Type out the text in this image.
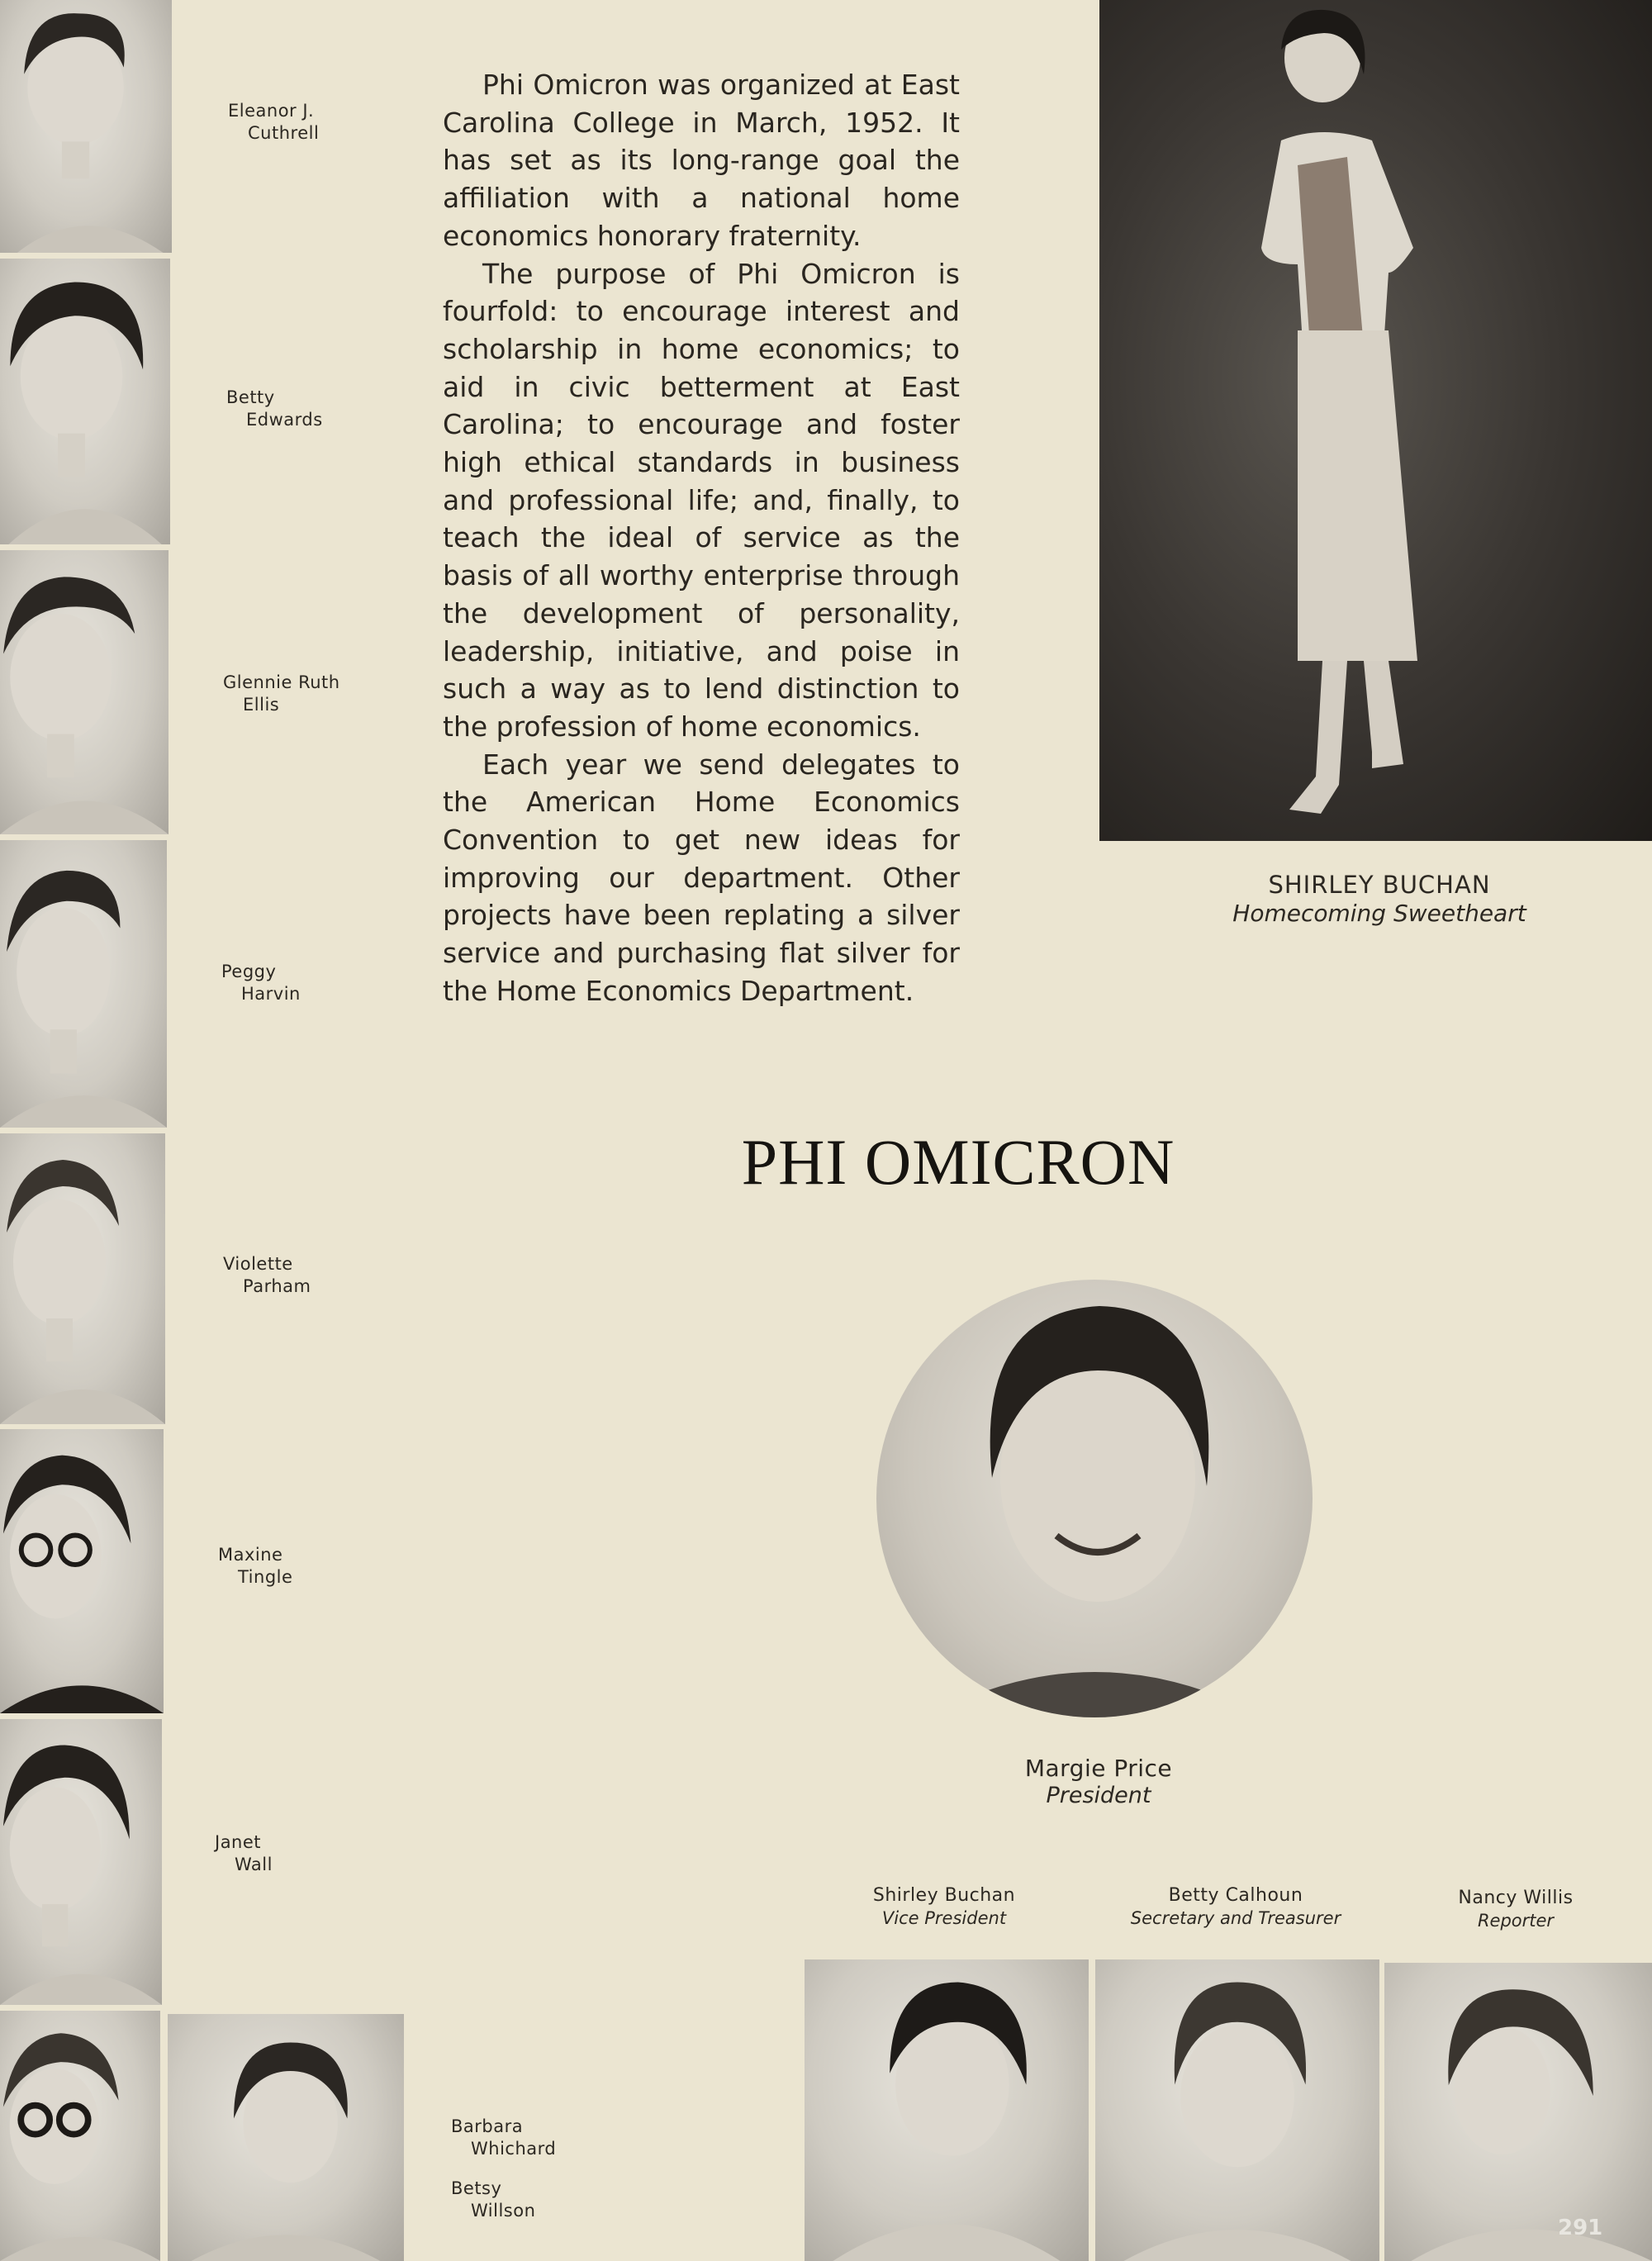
Eleanor J.
Cuthrell
Betty
Edwards
Glennie Ruth
Ellis
Peggy
Harvin
Violette
Parham
Maxine
Tingle
Janet
Wall
Barbara
Whichard
Betsy
Willson

Phi Omicron was organized at East Carolina College in March, 1952. It has set as its long-range goal the affiliation with a national home economics honorary fraternity.

The purpose of Phi Omicron is fourfold: to encourage interest and scholarship in home economics; to aid in civic betterment at East Carolina; to encourage and foster high ethical standards in business and professional life; and, finally, to teach the ideal of service as the basis of all worthy enterprise through the development of personality, leadership, initiative, and poise in such a way as to lend distinction to the profession of home economics.

Each year we send delegates to the American Home Economics Convention to get new ideas for improving our department. Other projects have been replating a silver service and purchasing flat silver for the Home Economics Department.

SHIRLEY BUCHAN
Homecoming Sweetheart
PHI OMICRON
Margie Price
President
Shirley Buchan
Vice President
Betty Calhoun
Secretary and Treasurer
Nancy Willis
Reporter
291
